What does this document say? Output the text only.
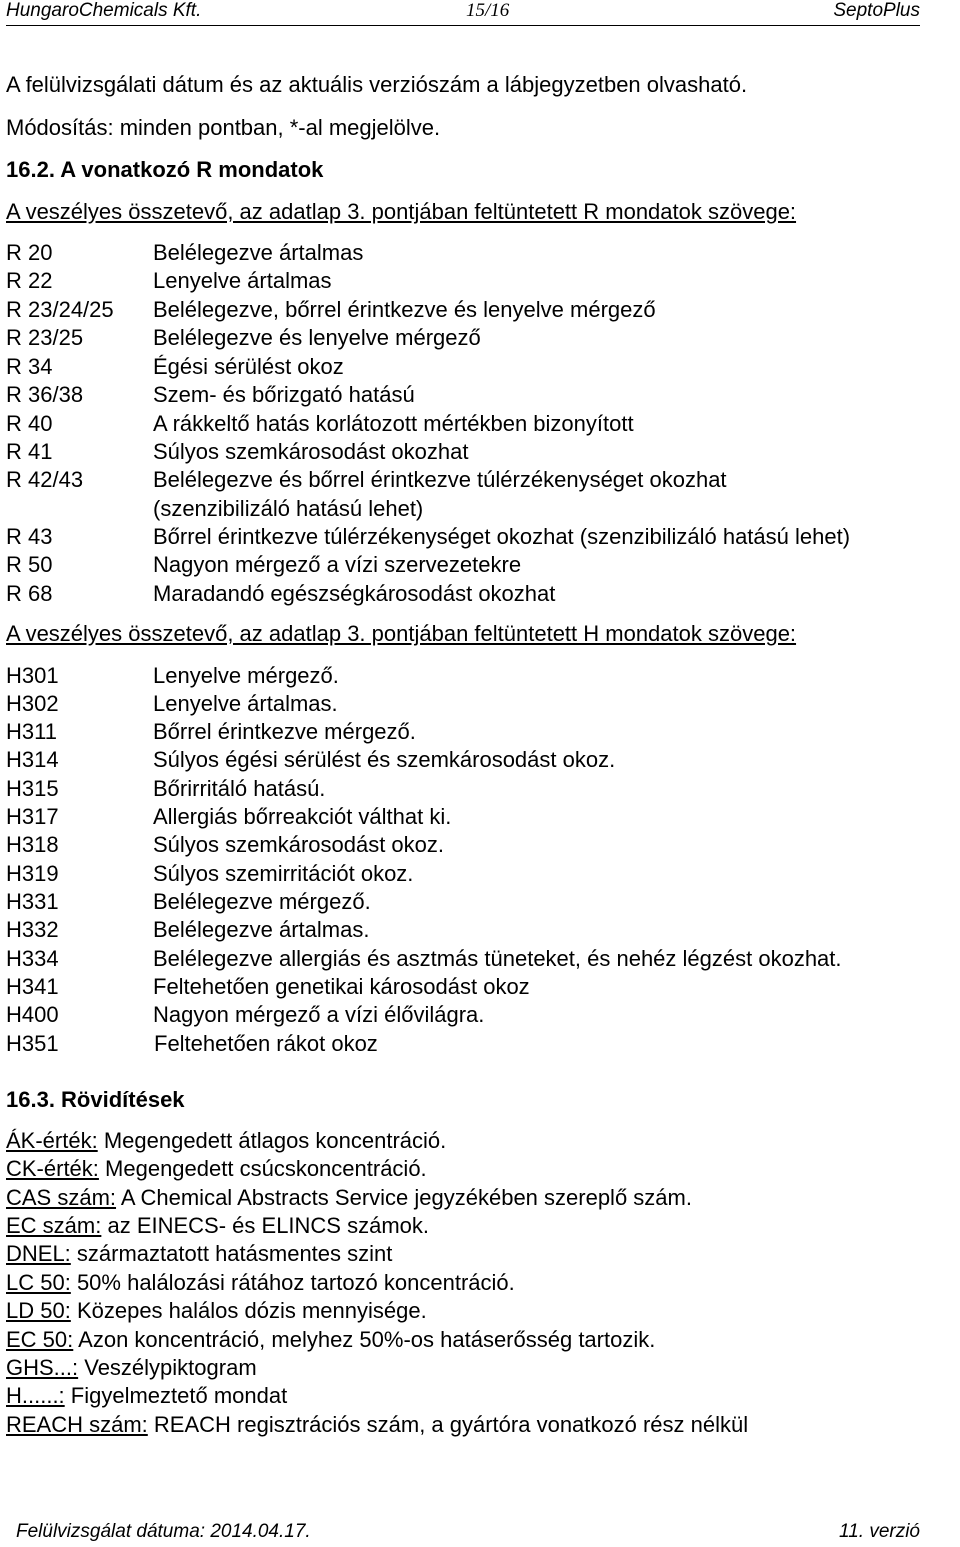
HungaroChemicals Kft.	15/16	SeptoPlus
A felülvizsgálati dátum és az aktuális verziószám a lábjegyzetben olvasható.
Módosítás: minden pontban, *-al megjelölve.
16.2. A vonatkozó R mondatok
A veszélyes összetevő, az adatlap 3. pontjában feltüntetett R mondatok szövege:
R 20	Belélegezve ártalmas
R 22	Lenyelve ártalmas
R 23/24/25 Belélegezve, bőrrel érintkezve és lenyelve mérgező
R 23/25	Belélegezve és lenyelve mérgező
R 34	Égési sérülést okoz
R 36/38	Szem- és bőrizgató hatású
R 40	A rákkeltő hatás korlátozott mértékben bizonyított
R 41	Súlyos szemkárosodást okozhat
R 42/43	Belélegezve és bőrrel érintkezve túlérzékenységet okozhat
(szenzibilizáló hatású lehet)
R 43	Bőrrel érintkezve túlérzékenységet okozhat (szenzibilizáló hatású lehet)
R 50	Nagyon mérgező a vízi szervezetekre
R 68	Maradandó egészségkárosodást okozhat
A veszélyes összetevő, az adatlap 3. pontjában feltüntetett H mondatok szövege:
H301	Lenyelve mérgező.
H302	Lenyelve ártalmas.
H311	Bőrrel érintkezve mérgező.
H314	Súlyos égési sérülést és szemkárosodást okoz.
H315	Bőrirritáló hatású.
H317	Allergiás bőrreakciót válthat ki.
H318	Súlyos szemkárosodást okoz.
H319	Súlyos szemirritációt okoz.
H331	Belélegezve mérgező.
H332	Belélegezve ártalmas.
H334	Belélegezve allergiás és asztmás tüneteket, és nehéz légzést okozhat.
H341	Feltehetően genetikai károsodást okoz
H400	Nagyon mérgező a vízi élővilágra.
H351	Feltehetően rákot okoz
16.3. Rövidítések
ÁK-érték: Megengedett átlagos koncentráció.
CK-érték: Megengedett csúcskoncentráció.
CAS szám: A Chemical Abstracts Service jegyzékében szereplő szám.
EC szám: az EINECS- és ELINCS számok.
DNEL: származtatott hatásmentes szint
LC 50: 50% halálozási rátához tartozó koncentráció.
LD 50: Közepes halálos dózis mennyisége.
EC 50: Azon koncentráció, melyhez 50%-os hatáserősség tartozik.
GHS...: Veszélypiktogram
H......: Figyelmeztető mondat
REACH szám: REACH regisztrációs szám, a gyártóra vonatkozó rész nélkül
Felülvizsgálat dátuma: 2014.04.17.	11. verzió
